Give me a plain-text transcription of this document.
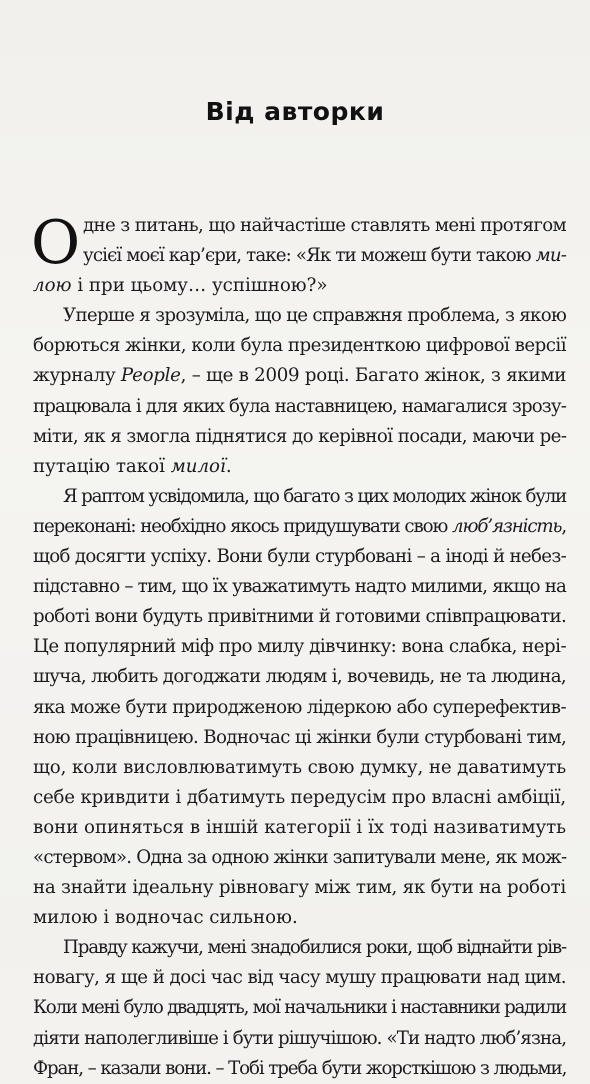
Від авторки
О дне з питань, що найчастіше ставлять мені протягом
усієї моєї кар’єри, таке: «Як ти можеш бути такою ми-
лою і при цьому… успішною?»
Уперше я зрозуміла, що це справжня проблема, з якою
борються жінки, коли була президенткою цифрової версії
журналу People, – ще в 2009 році. Багато жінок, з якими
працювала і для яких була наставницею, намагалися зрозу-
міти, як я змогла піднятися до керівної посади, маючи ре-
путацію такої милої.
Я раптом усвідомила, що багато з цих молодих жінок були
переконані: необхідно якось придушувати свою люб’язність,
щоб досягти успіху. Вони були стурбовані – а іноді й небез-
підставно – тим, що їх уважатимуть надто милими, якщо на
роботі вони будуть привітними й готовими співпрацювати.
Це популярний міф про милу дівчинку: вона слабка, нері-
шуча, любить догоджати людям і, вочевидь, не та людина,
яка може бути природженою лідеркою або суперефектив-
ною працівницею. Водночас ці жінки були стурбовані тим,
що, коли висловлюватимуть свою думку, не даватимуть
себе кривдити і дбатимуть передусім про власні амбіції,
вони опиняться в іншій категорії і їх тоді називатимуть
«стервом». Одна за одною жінки запитували мене, як мож-
на знайти ідеальну рівновагу між тим, як бути на роботі
милою і водночас сильною.
Правду кажучи, мені знадобилися роки, щоб віднайти рів-
новагу, я ще й досі час від часу мушу працювати над цим.
Коли мені було двадцять, мої начальники і наставники радили
діяти наполегливіше і бути рішучішою. «Ти надто люб’язна,
Фран, – казали вони. – Тобі треба бути жорсткішою з людьми,
